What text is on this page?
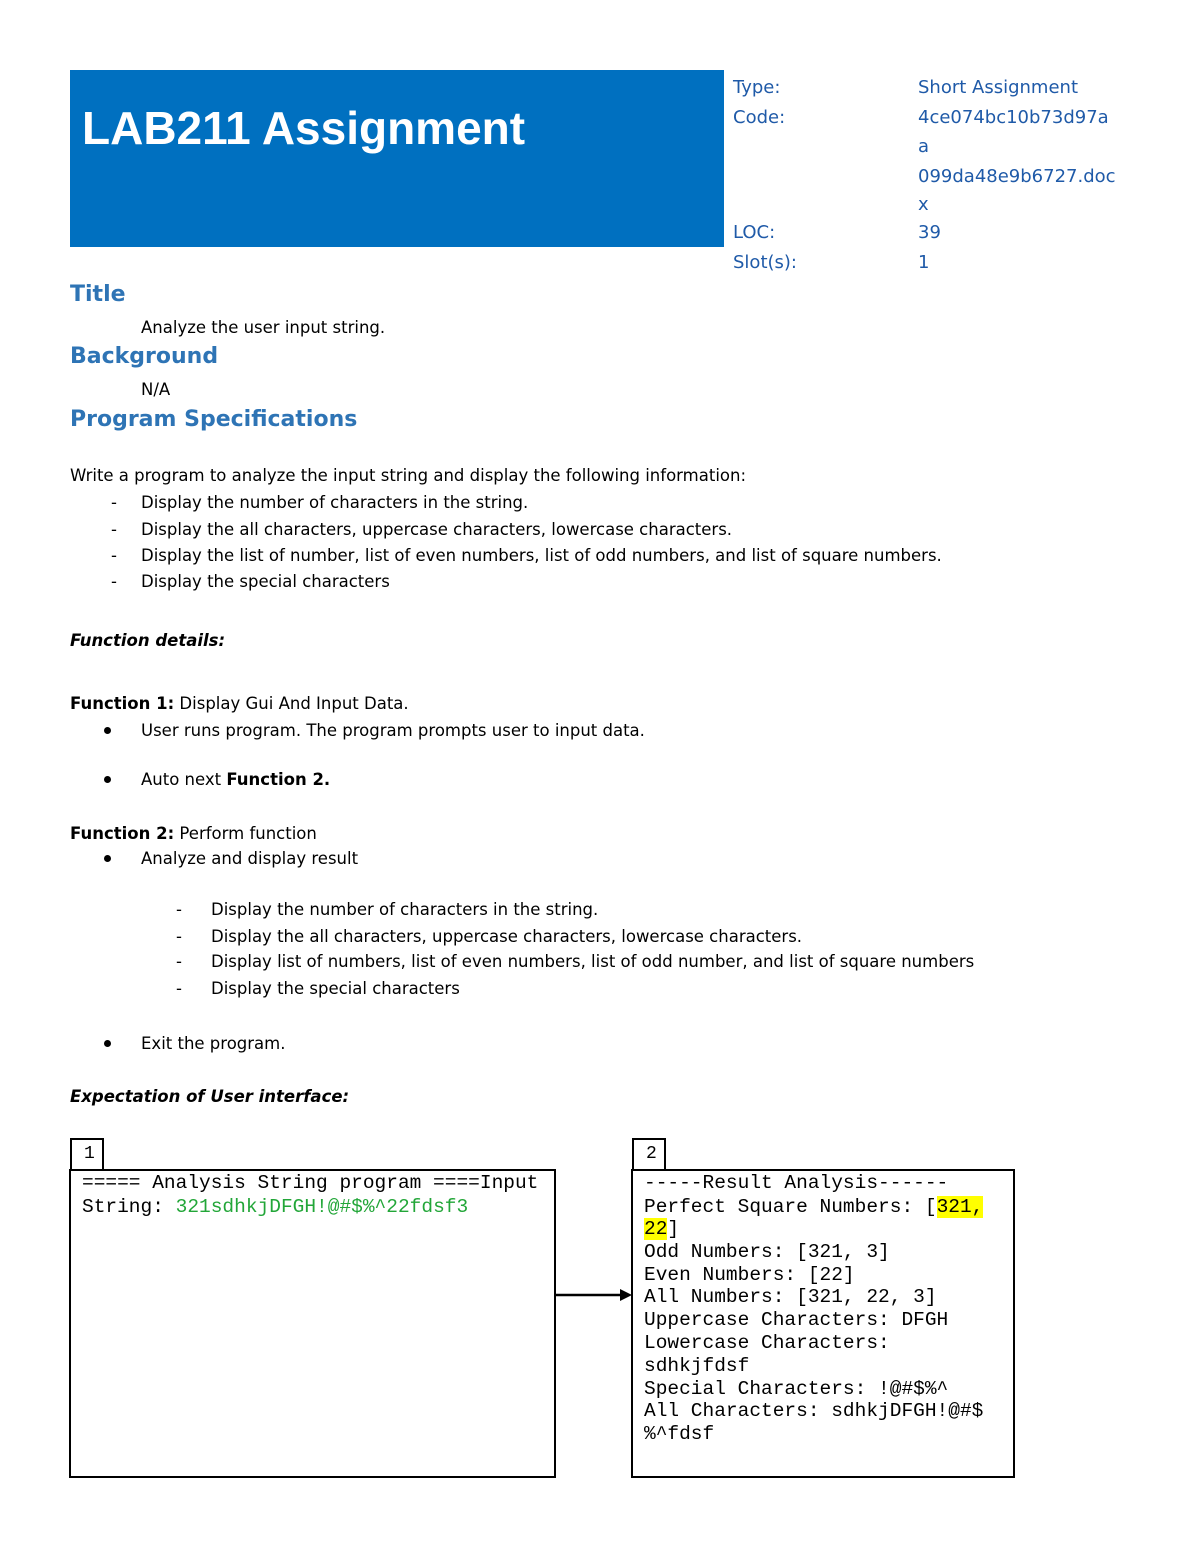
LAB211 Assignment
Type:	Short Assignment
Code:	4ce074bc10b73d97aa
099da48e9b6727.doc
x
LOC:	39
Slot(s):	1
Title
Analyze the user input string.
Background
N/A
Program Specifications
Write a program to analyze the input string and display the following information:
- Display the number of characters in the string.
- Display the all characters, uppercase characters, lowercase characters.
- Display the list of number, list of even numbers, list of odd numbers, and list of square numbers.
- Display the special characters
Function details:
Function 1: Display Gui And Input Data.
User runs program. The program prompts user to input data.
Auto next Function 2.
Function 2: Perform function
Analyze and display result
- Display the number of characters in the string.
- Display the all characters, uppercase characters, lowercase characters.
- Display list of numbers, list of even numbers, list of odd number, and list of square numbers
- Display the special characters
Exit the program.
Expectation of User interface:
1
===== Analysis String program ====Input
String: 321sdhkjDFGH!@#$%^22fdsf3
2
-----Result Analysis------
Perfect Square Numbers: [321,
22]
Odd Numbers: [321, 3]
Even Numbers: [22]
All Numbers: [321, 22, 3]
Uppercase Characters: DFGH
Lowercase Characters:
sdhkjfdsf
Special Characters: !@#$%^
All Characters: sdhkjDFGH!@#$
%^fdsf
